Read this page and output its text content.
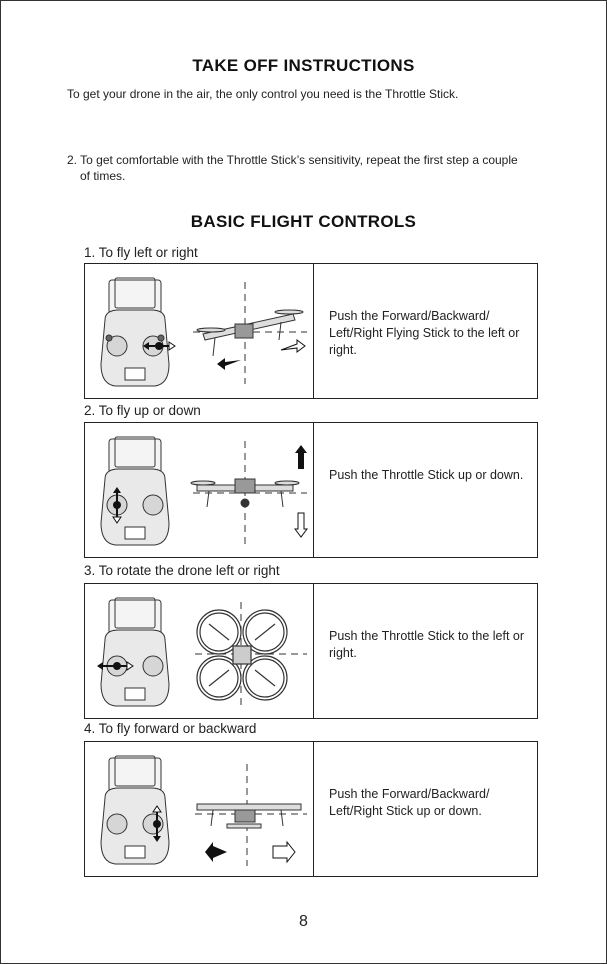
TAKE OFF INSTRUCTIONS
To get your drone in the air, the only control you need is the Throttle Stick.
2. To get comfortable with the Throttle Stick’s sensitivity, repeat the first step a couple
of times.
BASIC FLIGHT CONTROLS
1. To fly left or right
Push the Forward/Backward/ Left/Right Flying Stick to the left or right.
2. To fly up or down
Push the Throttle Stick up or down.
3. To rotate the drone left or right
Push the Throttle Stick to the left or right.
4. To fly forward or backward
Push the Forward/Backward/ Left/Right Stick up or down.
8
